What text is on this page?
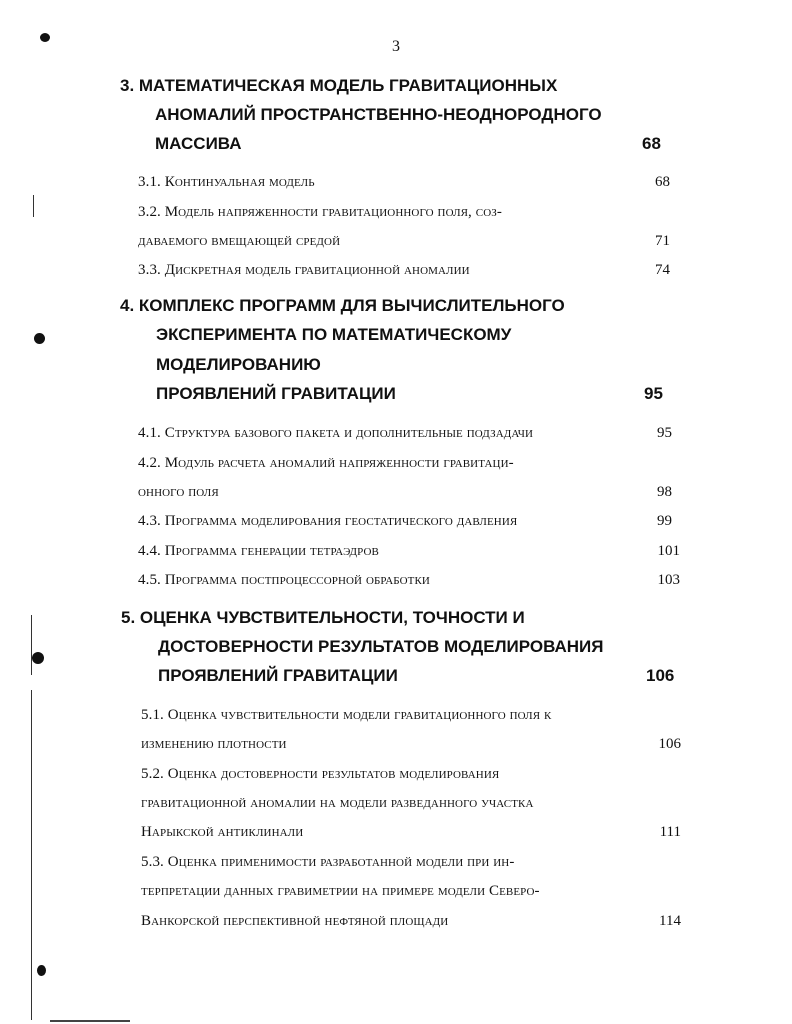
3

3. МАТЕМАТИЧЕСКАЯ МОДЕЛЬ ГРАВИТАЦИОННЫХ

АНОМАЛИЙ ПРОСТРАНСТВЕННО-НЕОДНОРОДНОГО

МАССИВА	68

3.1. Континуальная модель	68

3.2. Модель напряженности гравитационного поля, соз-

даваемого вмещающей средой	71

3.3. Дискретная модель гравитационной аномалии	74

4. КОМПЛЕКС ПРОГРАММ ДЛЯ ВЫЧИСЛИТЕЛЬНОГО

ЭКСПЕРИМЕНТА ПО МАТЕМАТИЧЕСКОМУ

МОДЕЛИРОВАНИЮ

ПРОЯВЛЕНИЙ ГРАВИТАЦИИ	95

4.1. Структура базового пакета и дополнительные подзадачи	95

4.2. Модуль расчета аномалий напряженности гравитаци-

онного поля	98

4.3. Программа моделирования геостатического давления	99

4.4. Программа генерации тетраэдров	101

4.5. Программа постпроцессорной обработки	103

5. ОЦЕНКА ЧУВСТВИТЕЛЬНОСТИ, ТОЧНОСТИ И

ДОСТОВЕРНОСТИ РЕЗУЛЬТАТОВ МОДЕЛИРОВАНИЯ

ПРОЯВЛЕНИЙ ГРАВИТАЦИИ	106

5.1. Оценка чувствительности модели гравитационного поля к

изменению плотности	106

5.2. Оценка достоверности результатов моделирования

гравитационной аномалии на модели разведанного участка

Нарыкской антиклинали	111

5.3. Оценка применимости разработанной модели при ин-

терпретации данных гравиметрии на примере модели Северо-

Ванкорской перспективной нефтяной площади	114
